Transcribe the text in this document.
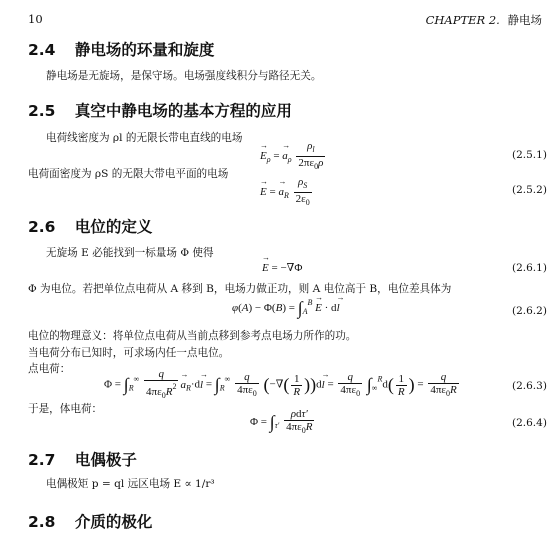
10	CHAPTER 2. 静电场
2.4 静电场的环量和旋度
静电场是无旋场，是保守场。电场强度线积分与路径无关。
2.5 真空中静电场的基本方程的应用
电荷线密度为 ρl 的无限长带电直线的电场
→ $E_\rho$ = → $a_\rho \frac{\rho_l}{2\pi\varepsilon_0\rho}$	(2.5.1)
电荷面密度为 ρS 的无限大带电平面的电场
→ E = → $a_R \frac{\rho_S}{2\varepsilon_0}$	(2.5.2)
2.6 电位的定义
无旋场 E 必能找到一标量场 Φ 使得
→ E = −∇Φ	(2.6.1)
Φ 为电位。若把单位点电荷从 A 移到 B，电场力做正功，则 A 电位高于 B，电位差具体为
$\varphi(A) - \Phi(B) = \int_A^B \to E \cdot d\to l$	(2.6.2)
电位的物理意义：将单位点电荷从当前点移到参考点电场力所作的功。
当电荷分布已知时，可求场内任一点电位。
点电荷：
$\Phi = \int_R^\infty \frac{q}{4\pi\varepsilon_0R^2}$
→ $a_R\cdot d\to l = \int_R^\infty \frac{q}{4\pi\varepsilon_0}$ (−∇( $\frac{1}{R} ))d\to l = \frac{q}{4\pi\varepsilon_0} \int_\infty^Rd( \frac{1}{R}$ ) = $\frac{q}{4\pi\varepsilon_0R}$	(2.6.3)
于是，体电荷：
$\Phi = \int_{\tau'} \frac{\text{ρdτ′}}{4\pi\varepsilon_0R}$	(2.6.4)
2.7 电偶极子
电偶极矩 p = ql 远区电场 E ∝ 1/r³
2.8 介质的极化
